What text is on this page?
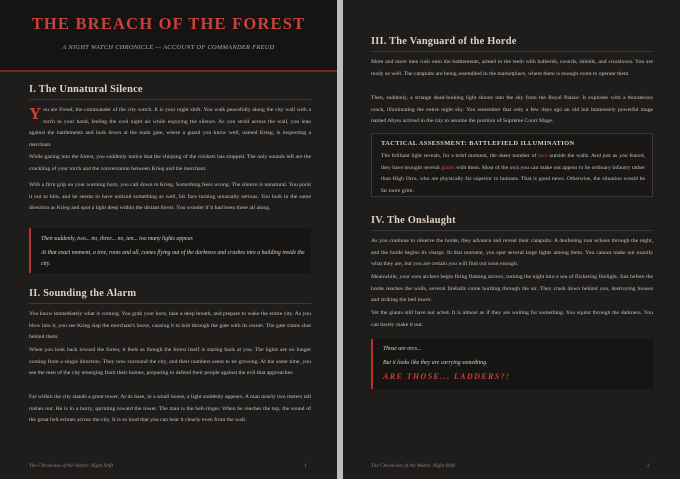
THE BREACH OF THE FOREST
A NIGHT WATCH CHRONICLE — ACCOUNT OF COMMANDER FREUD
I. The Unnatural Silence
You are Freud, the commander of the city watch. It is your night shift. You walk peacefully along the city wall with a torch in your hand, feeling the cool night air while enjoying the silence. As you stroll across the wall, you lean against the battlements and look down at the main gate, where a guard you know well, named Krieg, is inspecting a merchant.
While gazing into the forest, you suddenly notice that the chirping of the crickets has stopped. The only sounds left are the crackling of your torch and the conversation between Krieg and the merchant.
With a firm grip on your warning horn, you call down to Krieg. Something feels wrong. The silence is unnatural. You point it out to him, and he seems to have noticed something as well, his face turning unusually serious. You look in the same direction as Krieg and spot a light deep within the distant forest. You wonder if it had been there all along.
Then suddenly, two... no, three... no, ten... too many lights appear.
At that exact moment, a tree, roots and all, comes flying out of the darkness and crashes into a building inside the city.
II. Sounding the Alarm
You know immediately what is coming. You grab your horn, take a deep breath, and prepare to wake the entire city. As you blow into it, you see Krieg slap the merchant's horse, causing it to bolt through the gate with its owner. The gate slams shut behind them.
When you look back toward the forest, it feels as though the forest itself is staring back at you. The lights are no longer coming from a single direction. They now surround the city, and their numbers seem to be growing. At the same time, you see the men of the city emerging from their homes, preparing to defend their people against the evil that approaches.
Far within the city stands a great tower. At its base, in a small house, a light suddenly appears. A man nearly two meters tall rushes out. He is in a hurry, sprinting toward the tower. The man is the bell-ringer. When he reaches the top, the sound of the great bell echoes across the city. It is so loud that you can hear it clearly even from the wall.
The Chronicles of the Watch: Night Shift	1
III. The Vanguard of the Horde
More and more men rush onto the battlements, armed to the teeth with halberds, swords, shields, and crossbows. You are ready as well. The catapults are being assembled in the marketplace, where there is enough room to operate them.
Then, suddenly, a strange dead-looking light shoots into the sky from the Royal Palace. It explodes with a thunderous crack, illuminating the entire night sky. You remember that only a few days ago an old but immensely powerful mage named Abyss arrived in the city to assume the position of Supreme Court Mage.
TACTICAL ASSESSMENT: BATTLEFIELD ILLUMINATION
The brilliant light reveals, for a brief moment, the sheer number of orcs outside the walls. And just as you feared, they have brought several giants with them. Most of the orcs you can make out appear to be ordinary infantry rather than High Orcs, who are physically far superior to humans. That is good news. Otherwise, the situation would be far more grim.
IV. The Onslaught
As you continue to observe the horde, they advance and reveal their catapults. A deafening roar echoes through the night, and the horde begins its charge. In that moment, you spot several large lights among them. You cannot make out exactly what they are, but you are certain you will find out soon enough.
Meanwhile, your own archers begin firing flaming arrows, turning the night into a sea of flickering firelight. Just before the horde reaches the walls, several fireballs come hurtling through the air. They crash down behind you, destroying houses and striking the bell tower.
Yet the giants still have not acted. It is almost as if they are waiting for something. You squint through the darkness. You can barely make it out.
Those are orcs...
But it looks like they are carrying something.
ARE THOSE... LADDERS?!
The Chronicles of the Watch: Night Shift	2
